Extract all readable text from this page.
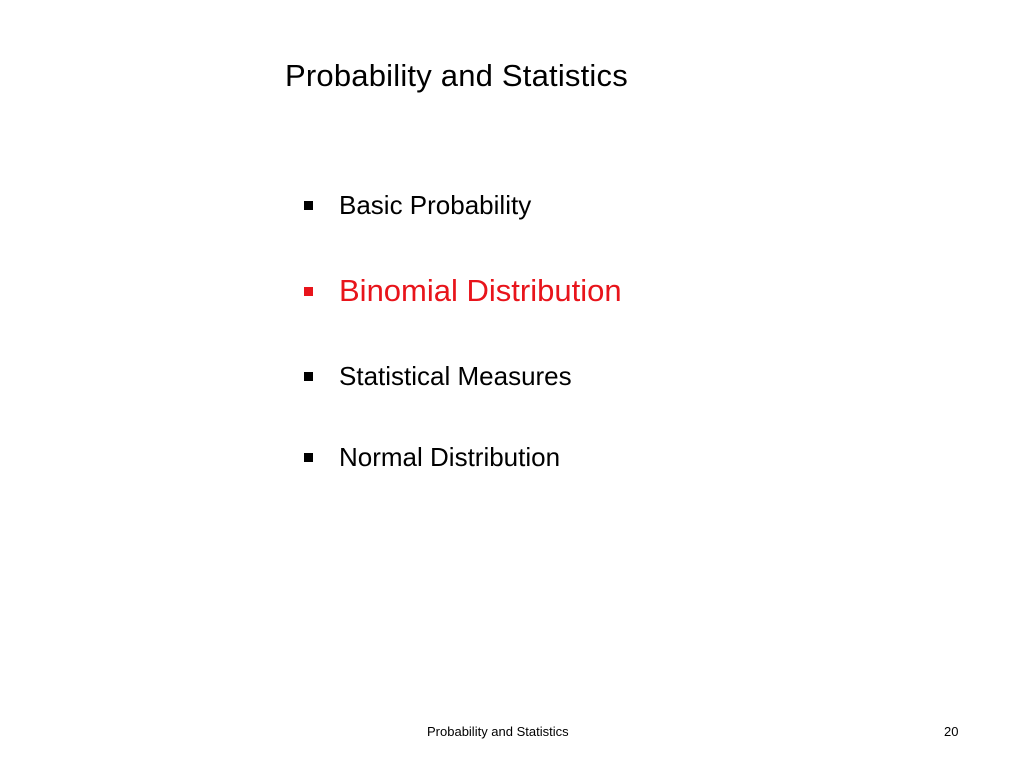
Probability and Statistics
Basic Probability
Binomial Distribution
Statistical Measures
Normal Distribution
Probability and Statistics	20
